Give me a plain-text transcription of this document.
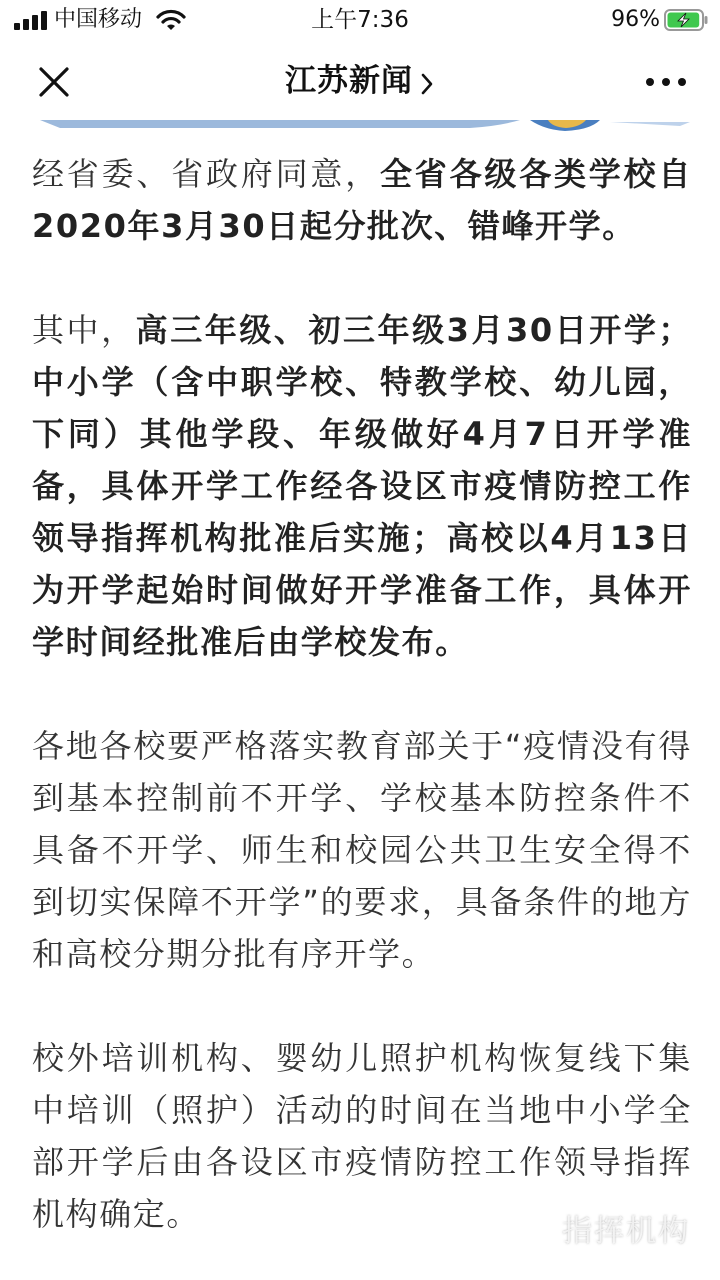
中国移动	上午7:36	96%
江苏新闻

经省委、省政府同意，全省各级各类学校自2020年3月30日起分批次、错峰开学。

其中，高三年级、初三年级3月30日开学；中小学（含中职学校、特教学校、幼儿园，下同）其他学段、年级做好4月7日开学准备，具体开学工作经各设区市疫情防控工作领导指挥机构批准后实施；高校以4月13日为开学起始时间做好开学准备工作，具体开学时间经批准后由学校发布。

各地各校要严格落实教育部关于“疫情没有得到基本控制前不开学、学校基本防控条件不具备不开学、师生和校园公共卫生安全得不到切实保障不开学”的要求，具备条件的地方和高校分期分批有序开学。

校外培训机构、婴幼儿照护机构恢复线下集中培训（照护）活动的时间在当地中小学全部开学后由各设区市疫情防控工作领导指挥机构确定。	指挥机构
